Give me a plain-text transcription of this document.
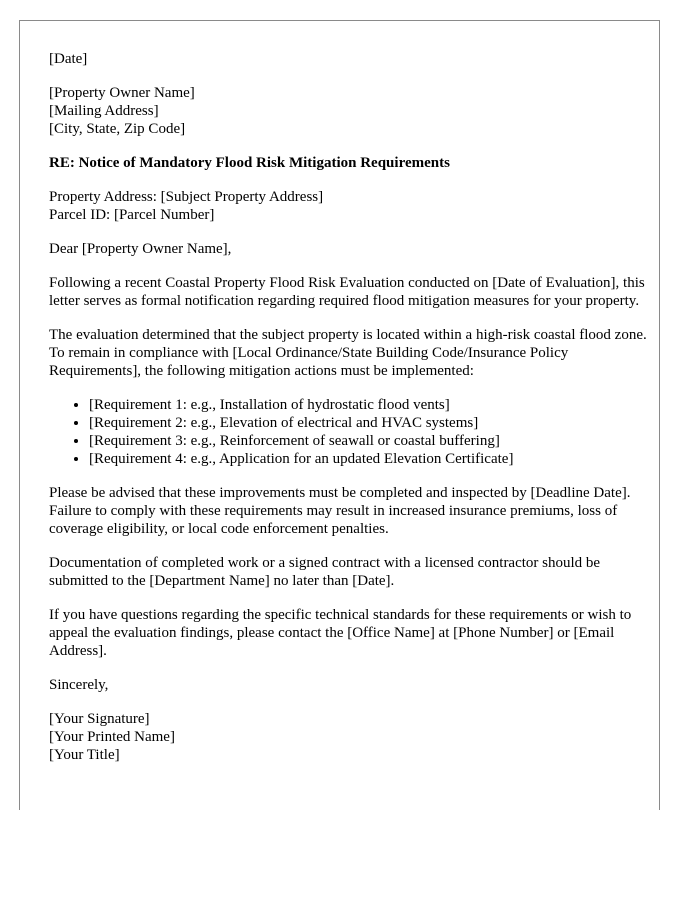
[Date]

[Property Owner Name]
[Mailing Address]
[City, State, Zip Code]

RE: Notice of Mandatory Flood Risk Mitigation Requirements

Property Address: [Subject Property Address]
Parcel ID: [Parcel Number]

Dear [Property Owner Name],

Following a recent Coastal Property Flood Risk Evaluation conducted on [Date of Evaluation], this letter serves as formal notification regarding required flood mitigation measures for your property.

The evaluation determined that the subject property is located within a high-risk coastal flood zone. To remain in compliance with [Local Ordinance/State Building Code/Insurance Policy Requirements], the following mitigation actions must be implemented:

• [Requirement 1: e.g., Installation of hydrostatic flood vents]
• [Requirement 2: e.g., Elevation of electrical and HVAC systems]
• [Requirement 3: e.g., Reinforcement of seawall or coastal buffering]
• [Requirement 4: e.g., Application for an updated Elevation Certificate]

Please be advised that these improvements must be completed and inspected by [Deadline Date]. Failure to comply with these requirements may result in increased insurance premiums, loss of coverage eligibility, or local code enforcement penalties.

Documentation of completed work or a signed contract with a licensed contractor should be submitted to the [Department Name] no later than [Date].

If you have questions regarding the specific technical standards for these requirements or wish to appeal the evaluation findings, please contact the [Office Name] at [Phone Number] or [Email Address].

Sincerely,

[Your Signature]
[Your Printed Name]
[Your Title]
